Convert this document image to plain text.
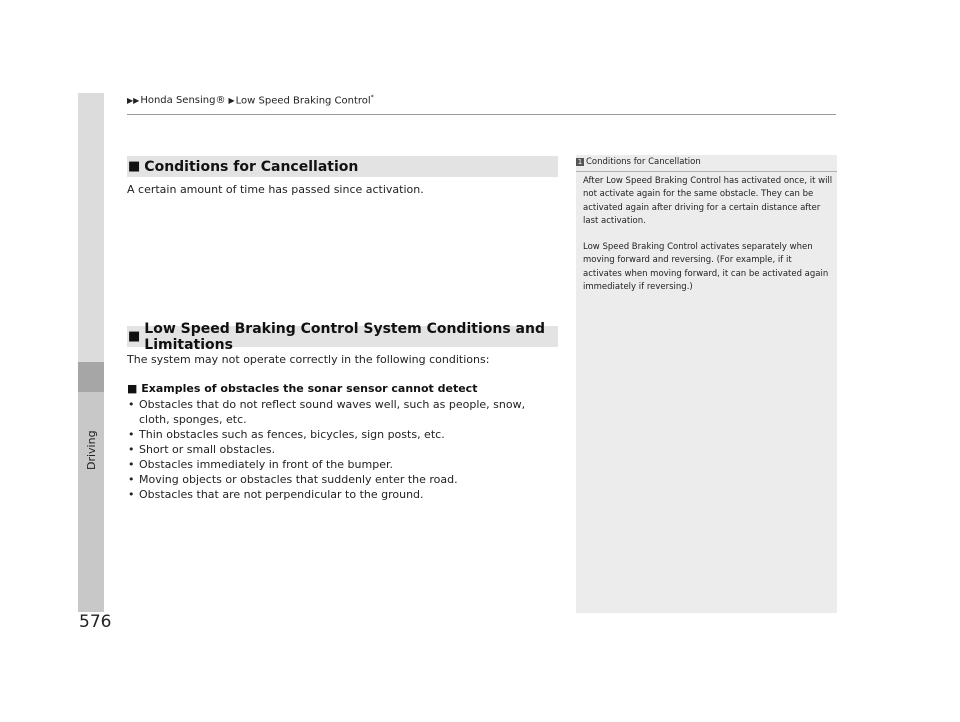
▶▶ Honda Sensing® ▶ Low Speed Braking Control*
Driving
576
■ Conditions for Cancellation
A certain amount of time has passed since activation.
■ Low Speed Braking Control System Conditions and Limitations
The system may not operate correctly in the following conditions:
■ Examples of obstacles the sonar sensor cannot detect
• Obstacles that do not reflect sound waves well, such as people, snow, cloth, sponges, etc.
• Thin obstacles such as fences, bicycles, sign posts, etc.
• Short or small obstacles.
• Obstacles immediately in front of the bumper.
• Moving objects or obstacles that suddenly enter the road.
• Obstacles that are not perpendicular to the ground.
1 Conditions for Cancellation
After Low Speed Braking Control has activated once, it will not activate again for the same obstacle. They can be activated again after driving for a certain distance after last activation.
Low Speed Braking Control activates separately when moving forward and reversing. (For example, if it activates when moving forward, it can be activated again immediately if reversing.)
